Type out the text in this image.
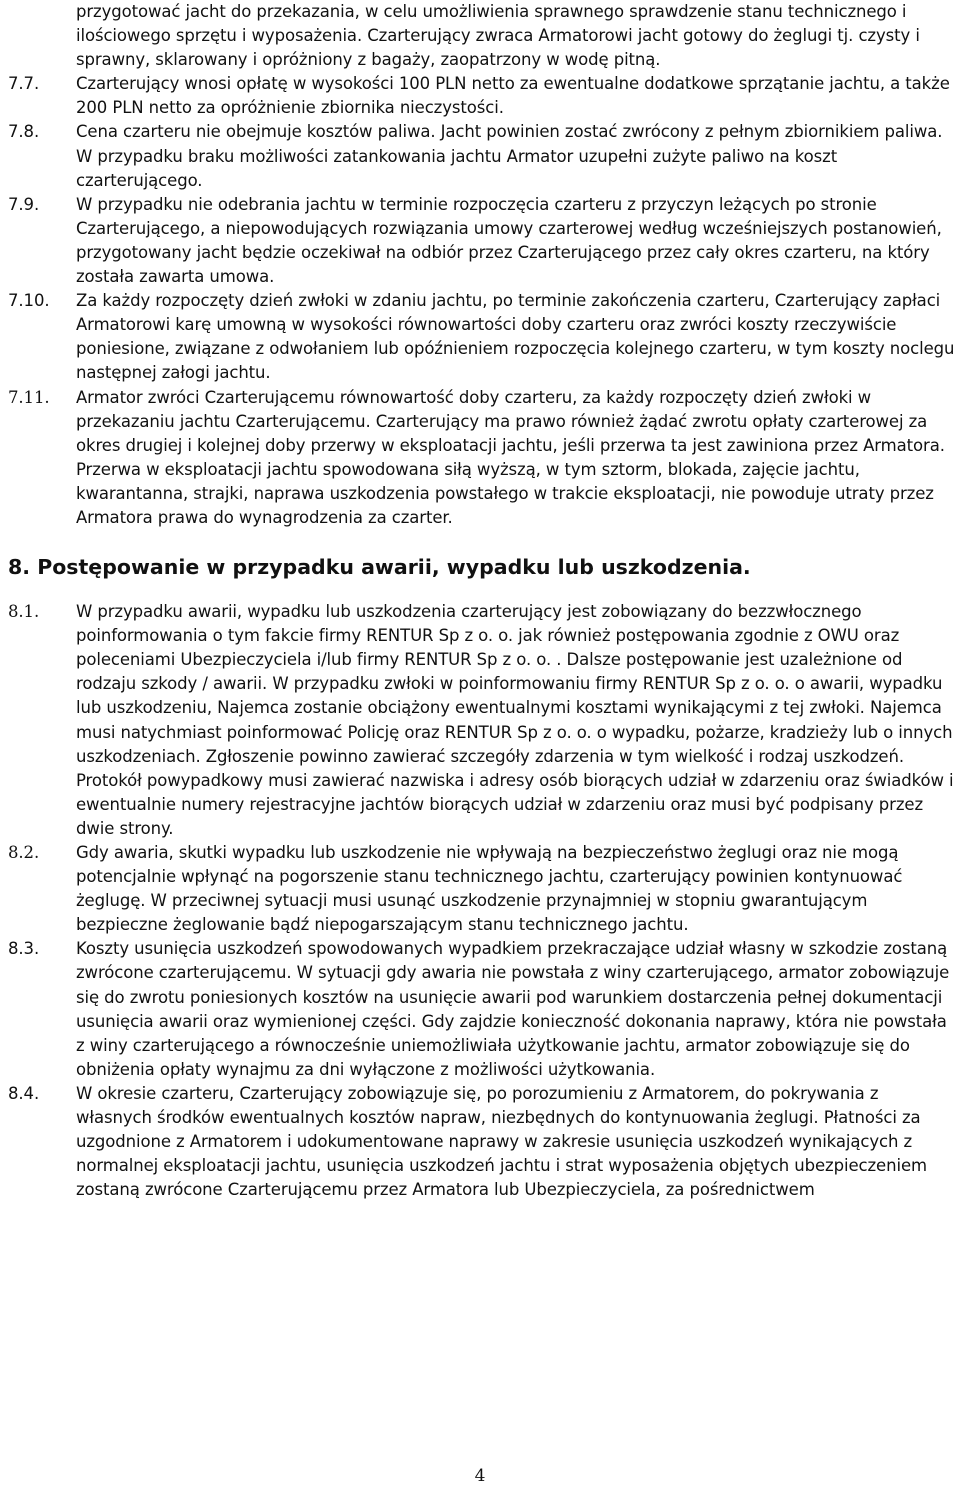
przygotować jacht do przekazania, w celu umożliwienia sprawnego sprawdzenie stanu technicznego i ilościowego sprzętu i wyposażenia. Czarterujący zwraca Armatorowi jacht gotowy do żeglugi tj. czysty i sprawny, sklarowany i opróżniony z bagaży, zaopatrzony w wodę pitną.
7.7. Czarterujący wnosi opłatę w wysokości 100 PLN netto za ewentualne dodatkowe sprzątanie jachtu, a także 200 PLN netto za opróżnienie zbiornika nieczystości.
7.8. Cena czarteru nie obejmuje kosztów paliwa. Jacht powinien zostać zwrócony z pełnym zbiornikiem paliwa. W przypadku braku możliwości zatankowania jachtu Armator uzupełni zużyte paliwo na koszt czarterującego.
7.9. W przypadku nie odebrania jachtu w terminie rozpoczęcia czarteru z przyczyn leżących po stronie Czarterującego, a niepowodujących rozwiązania umowy czarterowej według wcześniejszych postanowień, przygotowany jacht będzie oczekiwał na odbiór przez Czarterującego przez cały okres czarteru, na który została zawarta umowa.
7.10. Za każdy rozpoczęty dzień zwłoki w zdaniu jachtu, po terminie zakończenia czarteru, Czarterujący zapłaci Armatorowi karę umowną w wysokości równowartości doby czarteru oraz zwróci koszty rzeczywiście poniesione, związane z odwołaniem lub opóźnieniem rozpoczęcia kolejnego czarteru, w tym koszty noclegu następnej załogi jachtu.
7.11. Armator zwróci Czarterującemu równowartość doby czarteru, za każdy rozpoczęty dzień zwłoki w przekazaniu jachtu Czarterującemu. Czarterujący ma prawo również żądać zwrotu opłaty czarterowej za okres drugiej i kolejnej doby przerwy w eksploatacji jachtu, jeśli przerwa ta jest zawiniona przez Armatora. Przerwa w eksploatacji jachtu spowodowana siłą wyższą, w tym sztorm, blokada, zajęcie jachtu, kwarantanna, strajki, naprawa uszkodzenia powstałego w trakcie eksploatacji, nie powoduje utraty przez Armatora prawa do wynagrodzenia za czarter.
8. Postępowanie w przypadku awarii, wypadku lub uszkodzenia.
8.1. W przypadku awarii, wypadku lub uszkodzenia czarterujący jest zobowiązany do bezzwłocznego poinformowania o tym fakcie firmy RENTUR Sp z o. o. jak również postępowania zgodnie z OWU oraz poleceniami Ubezpieczyciela i/lub firmy RENTUR Sp z o. o. . Dalsze postępowanie jest uzależnione od rodzaju szkody / awarii. W przypadku zwłoki w poinformowaniu firmy RENTUR Sp z o. o. o awarii, wypadku lub uszkodzeniu, Najemca zostanie obciążony ewentualnymi kosztami wynikającymi z tej zwłoki. Najemca musi natychmiast poinformować Policję oraz RENTUR Sp z o. o. o wypadku, pożarze, kradzieży lub o innych uszkodzeniach. Zgłoszenie powinno zawierać szczegóły zdarzenia w tym wielkość i rodzaj uszkodzeń. Protokół powypadkowy musi zawierać nazwiska i adresy osób biorących udział w zdarzeniu oraz świadków i ewentualnie numery rejestracyjne jachtów biorących udział w zdarzeniu oraz musi być podpisany przez dwie strony.
8.2. Gdy awaria, skutki wypadku lub uszkodzenie nie wpływają na bezpieczeństwo żeglugi oraz nie mogą potencjalnie wpłynąć na pogorszenie stanu technicznego jachtu, czarterujący powinien kontynuować żeglugę. W przeciwnej sytuacji musi usunąć uszkodzenie przynajmniej w stopniu gwarantującym bezpieczne żeglowanie bądź niepogarszającym stanu technicznego jachtu.
8.3. Koszty usunięcia uszkodzeń spowodowanych wypadkiem przekraczające udział własny w szkodzie zostaną zwrócone czarterującemu. W sytuacji gdy awaria nie powstała z winy czarterującego, armator zobowiązuje się do zwrotu poniesionych kosztów na usunięcie awarii pod warunkiem dostarczenia pełnej dokumentacji usunięcia awarii oraz wymienionej części. Gdy zajdzie konieczność dokonania naprawy, która nie powstała z winy czarterującego a równocześnie uniemożliwiała użytkowanie jachtu, armator zobowiązuje się do obniżenia opłaty wynajmu za dni wyłączone z możliwości użytkowania.
8.4. W okresie czarteru, Czarterujący zobowiązuje się, po porozumieniu z Armatorem, do pokrywania z własnych środków ewentualnych kosztów napraw, niezbędnych do kontynuowania żeglugi. Płatności za uzgodnione z Armatorem i udokumentowane naprawy w zakresie usunięcia uszkodzeń wynikających z normalnej eksploatacji jachtu, usunięcia uszkodzeń jachtu i strat wyposażenia objętych ubezpieczeniem zostaną zwrócone Czarterującemu przez Armatora lub Ubezpieczyciela, za pośrednictwem
4
